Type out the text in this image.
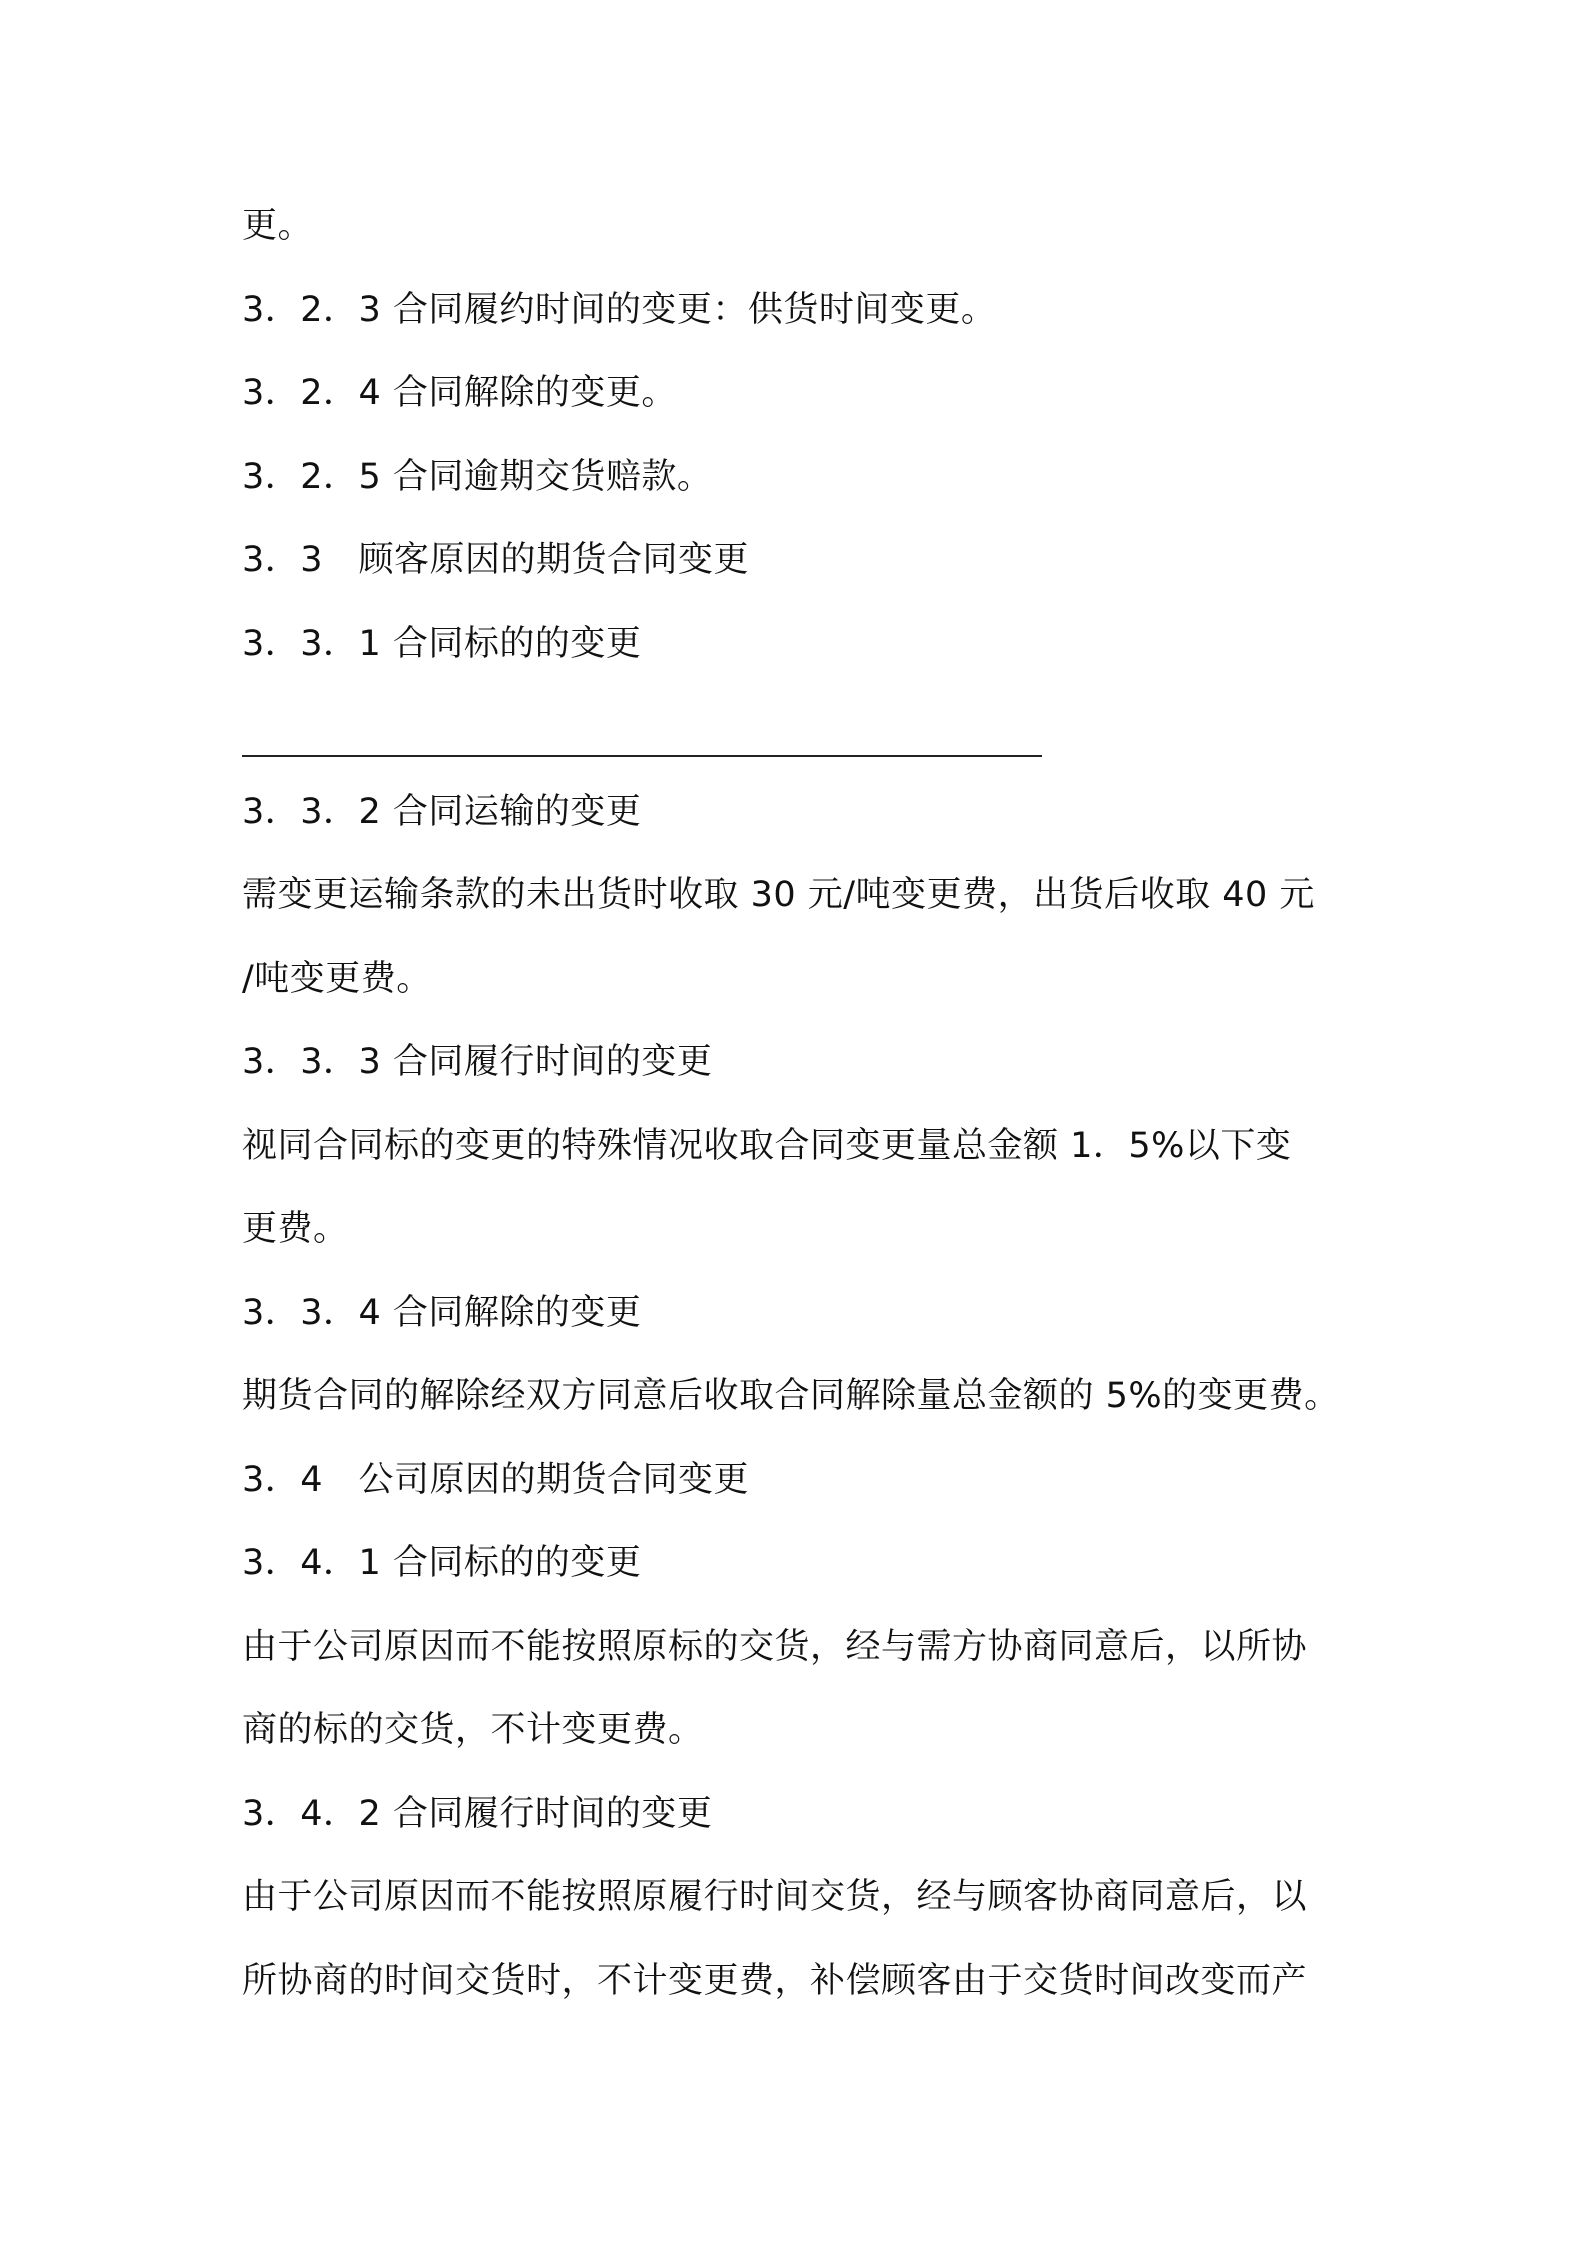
更。
3．2．3 合同履约时间的变更：供货时间变更。
3．2．4 合同解除的变更。
3．2．5 合同逾期交货赔款。
3．3　顾客原因的期货合同变更
3．3．1 合同标的的变更
3．3．2 合同运输的变更
需变更运输条款的未出货时收取 30 元/吨变更费，出货后收取 40 元
/吨变更费。
3．3．3 合同履行时间的变更
视同合同标的变更的特殊情况收取合同变更量总金额 1．5%以下变
更费。
3．3．4 合同解除的变更
期货合同的解除经双方同意后收取合同解除量总金额的 5%的变更费。
3．4　公司原因的期货合同变更
3．4．1 合同标的的变更
由于公司原因而不能按照原标的交货，经与需方协商同意后，以所协
商的标的交货，不计变更费。
3．4．2 合同履行时间的变更
由于公司原因而不能按照原履行时间交货，经与顾客协商同意后，以
所协商的时间交货时，不计变更费，补偿顾客由于交货时间改变而产
